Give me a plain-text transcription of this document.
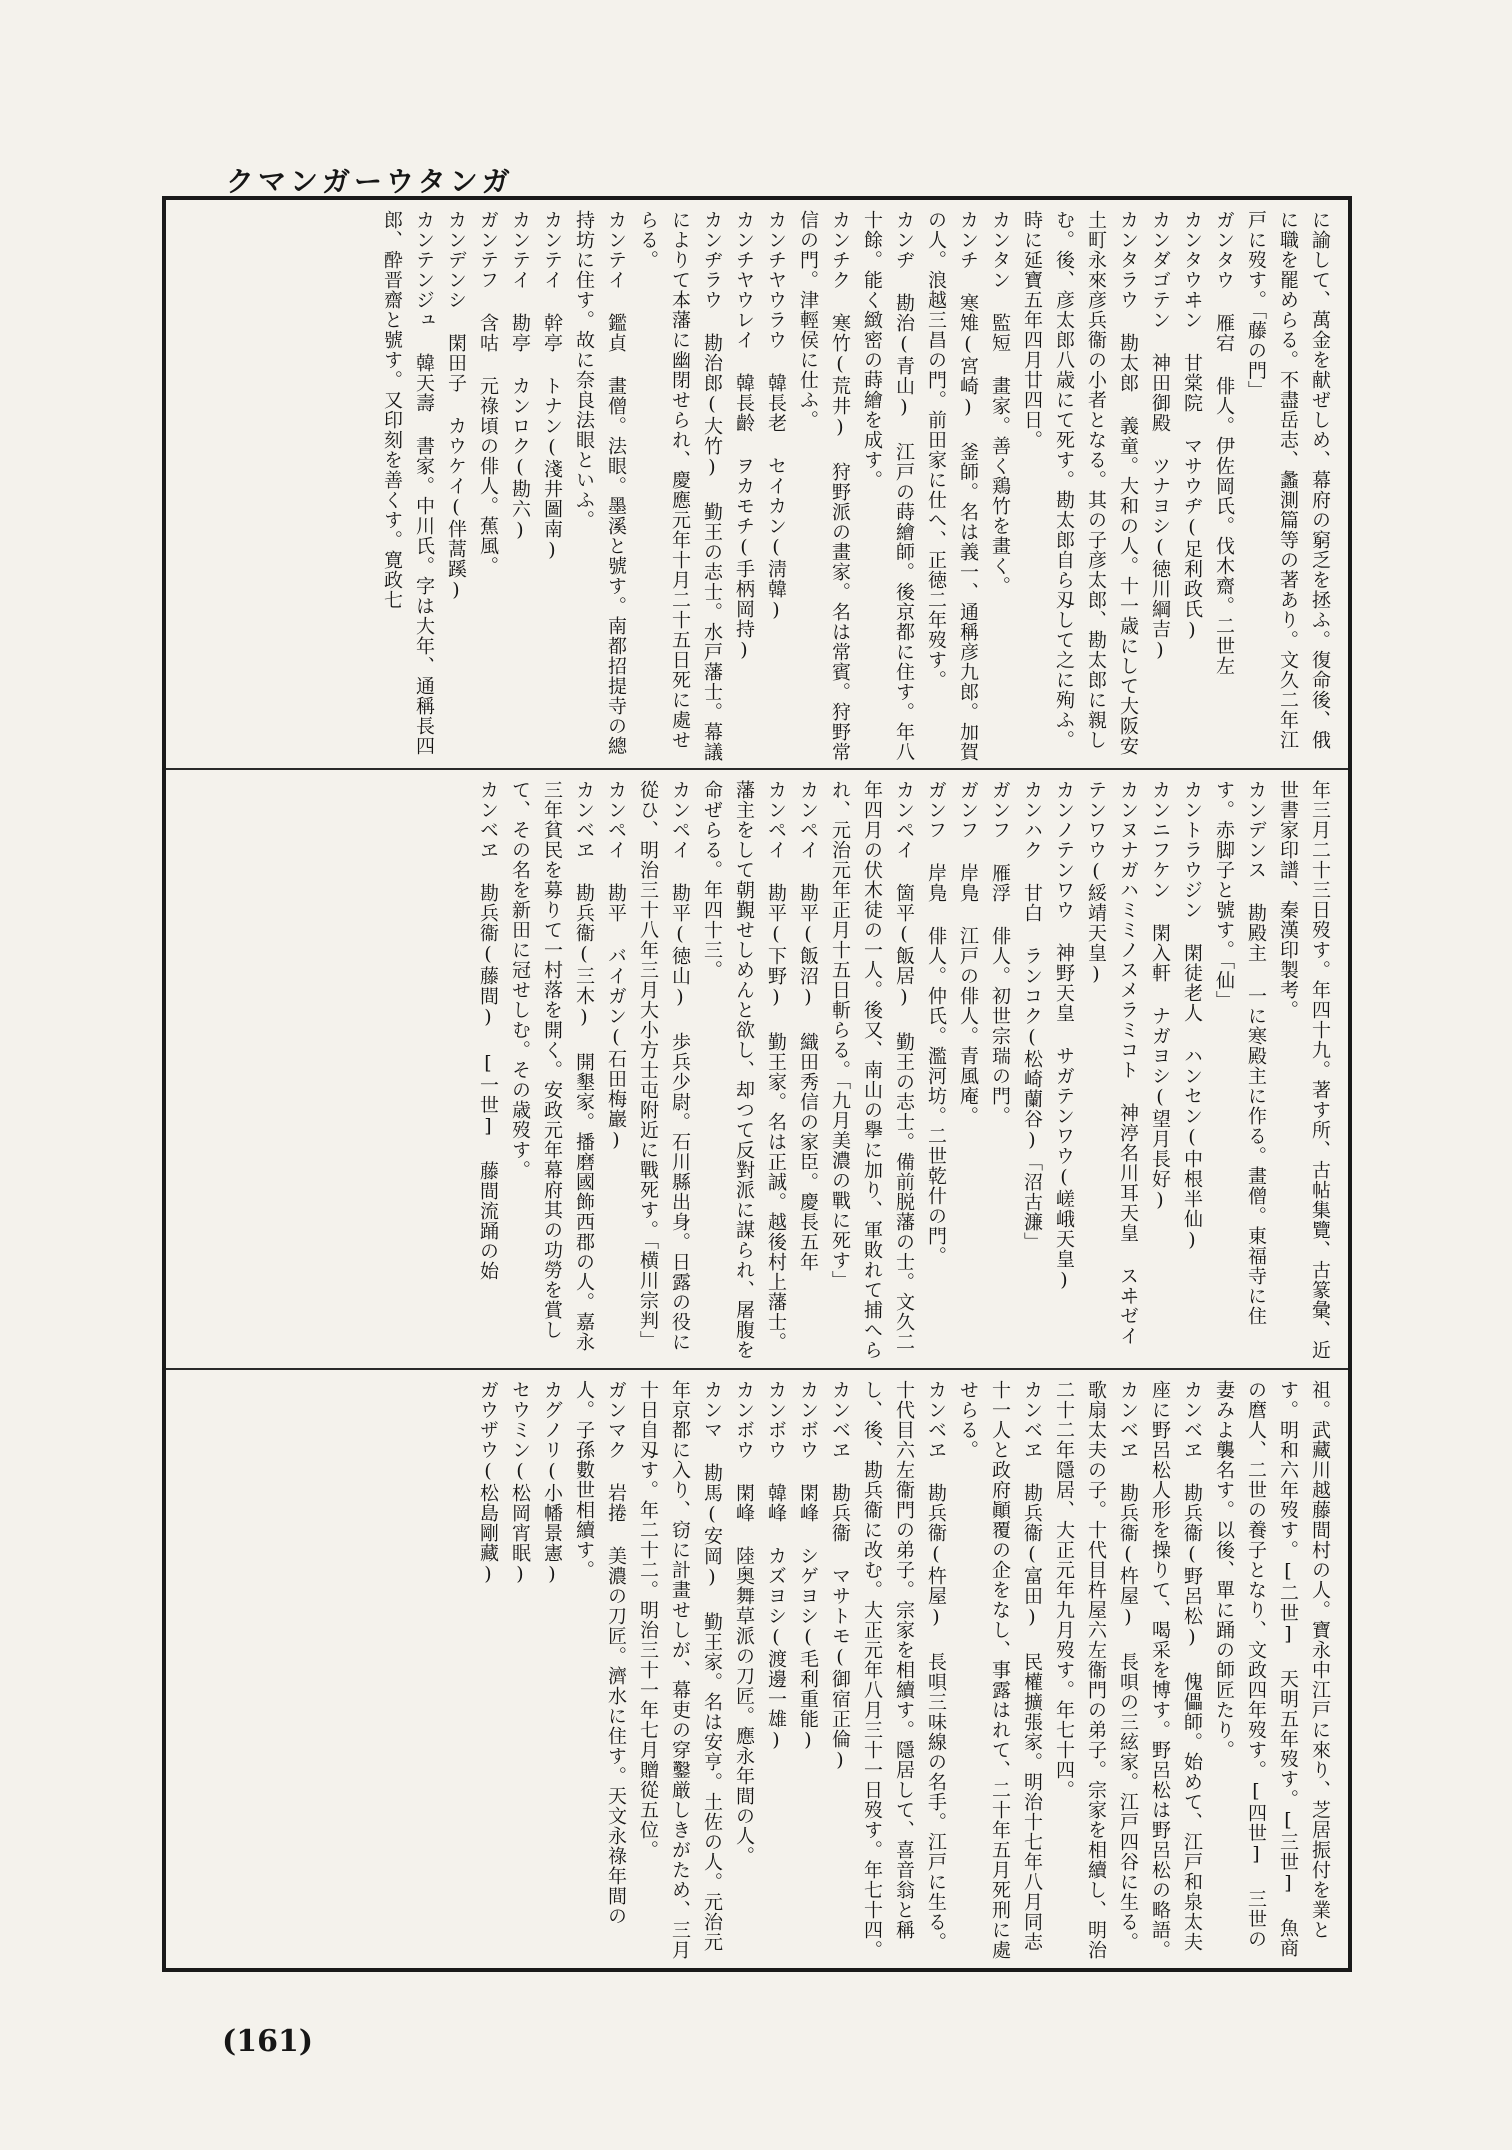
クマンガーウタンガ
に諭して、萬金を献ぜしめ、幕府の窮乏を拯ふ。復命後、俄に職を罷めらる。不盡岳志、蠡測篇等の著あり。文久二年江戸に歿す。「藤の門」
ガンタウ 雁宕 俳人。伊佐岡氏。伐木齋。二世左
カンタウヰン 甘棠院 マサウヂ(足利政氏)
カンダゴテン 神田御殿 ツナヨシ(徳川綱吉)
カンタラウ 勘太郎 義童。大和の人。十一歳にして大阪安土町永來彦兵衞の小者となる。其の子彦太郎、勘太郎に親しむ。後、彦太郎八歳にて死す。勘太郎自ら刄して之に殉ふ。時に延寶五年四月廿四日。
カンタン 監短 畫家。善く鶏竹を畫く。
カンチ 寒雉(宮崎) 釜師。名は義一、通稱彦九郎。加賀の人。浪越三昌の門。前田家に仕へ、正徳二年歿す。
カンヂ 勘治(青山) 江戸の蒔繪師。後京都に住す。年八十餘。能く緻密の蒔繪を成す。
カンチク 寒竹(荒井) 狩野派の畫家。名は常賓。狩野常信の門。津輕侯に仕ふ。
カンチヤウラウ 韓長老 セイカン(淸韓)
カンチヤウレイ 韓長齡 ヲカモチ(手柄岡持)
カンヂラウ 勘治郎(大竹) 勤王の志士。水戸藩士。幕議によりて本藩に幽閉せられ、慶應元年十月二十五日死に處せらる。
カンテイ 鑑貞 畫僧。法眼。墨溪と號す。南都招提寺の總持坊に住す。故に奈良法眼といふ。
カンテイ 幹亭 トナン(淺井圖南)
カンテイ 勘亭 カンロク(勘六)
ガンテフ 含咕 元祿頃の俳人。蕉風。
カンデンシ 閑田子 カウケイ(伴蒿蹊)
カンテンジュ 韓天壽 書家。中川氏。字は大年、通稱長四郎、酔晋齋と號す。又印刻を善くす。寛政七
年三月二十三日歿す。年四十九。著す所、古帖集覽、古篆彙、近世書家印譜、秦漢印製考。
カンデンス 勘殿主 一に寒殿主に作る。畫僧。東福寺に住す。赤脚子と號す。「仙」
カントラウジン 閑徒老人 ハンセン(中根半仙)
カンニフケン 閑入軒 ナガヨシ(望月長好)
カンヌナガハミミノスメラミコト 神渟名川耳天皇 スヰゼイテンワウ(綏靖天皇)
カンノテンワウ 神野天皇 サガテンワウ(嵯峨天皇)
カンハク 甘白 ランコク(松崎蘭谷)「沼古濂」
ガンフ 雁浮 俳人。初世宗瑞の門。
ガンフ 岸鳬 江戸の俳人。青風庵。
ガンフ 岸鳬 俳人。仲氏。濫河坊。二世乾什の門。
カンペイ 箇平(飯居) 勤王の志士。備前脱藩の士。文久二年四月の伏木徒の一人。後又、南山の擧に加り、軍敗れて捕へられ、元治元年正月十五日斬らる。「九月美濃の戰に死す」
カンペイ 勘平(飯沼) 織田秀信の家臣。慶長五年
カンペイ 勘平(下野) 勤王家。名は正誠。越後村上藩士。藩主をして朝覲せしめんと欲し、却つて反對派に謀られ、屠腹を命ぜらる。年四十三。
カンペイ 勘平(徳山) 歩兵少尉。石川縣出身。日露の役に從ひ、明治三十八年三月大小方士屯附近に戰死す。「横川宗判」
カンペイ 勘平 バイガン(石田梅巖)
カンベヱ 勘兵衞(三木) 開墾家。播磨國飾西郡の人。嘉永三年貧民を募りて一村落を開く。安政元年幕府其の功勞を賞して、その名を新田に冠せしむ。その歳歿す。
カンベヱ 勘兵衞(藤間) [一世] 藤間流踊の始
祖。武藏川越藤間村の人。寶永中江戸に來り、芝居振付を業とす。明和六年歿す。[二世] 天明五年歿す。[三世] 魚商の麿人、二世の養子となり、文政四年歿す。[四世] 三世の妻みよ襲名す。以後、單に踊の師匠たり。
カンベヱ 勘兵衞(野呂松) 傀儡師。始めて、江戸和泉太夫座に野呂松人形を操りて、喝采を博す。野呂松は野呂松の略語。
カンベヱ 勘兵衞(杵屋) 長唄の三絃家。江戸四谷に生る。歌扇太夫の子。十代目杵屋六左衞門の弟子。宗家を相續し、明治二十二年隱居、大正元年九月歿す。年七十四。
カンベヱ 勘兵衞(富田) 民權擴張家。明治十七年八月同志十一人と政府顚覆の企をなし、事露はれて、二十年五月死刑に處せらる。
カンベヱ 勘兵衞(杵屋) 長唄三味線の名手。江戸に生る。十代目六左衞門の弟子。宗家を相續す。隱居して、喜音翁と稱し、後、勘兵衞に改む。大正元年八月三十一日歿す。年七十四。
カンベヱ 勘兵衞 マサトモ(御宿正倫)
カンボウ 閑峰 シゲヨシ(毛利重能)
カンボウ 韓峰 カズヨシ(渡邊一雄)
カンボウ 閑峰 陸奥舞草派の刀匠。應永年間の人。
カンマ 勘馬(安岡) 勤王家。名は安亨。土佐の人。元治元年京都に入り、窃に計畫せしが、幕吏の穿鑿厳しきがため、三月十日自刄す。年二十二。明治三十一年七月贈從五位。
ガンマク 岩捲 美濃の刀匠。濟水に住す。天文永祿年間の人。子孫數世相續す。
カグノリ(小幡景憲)
セウミン(松岡宵眠)
ガウザウ(松島剛藏)
(161)
